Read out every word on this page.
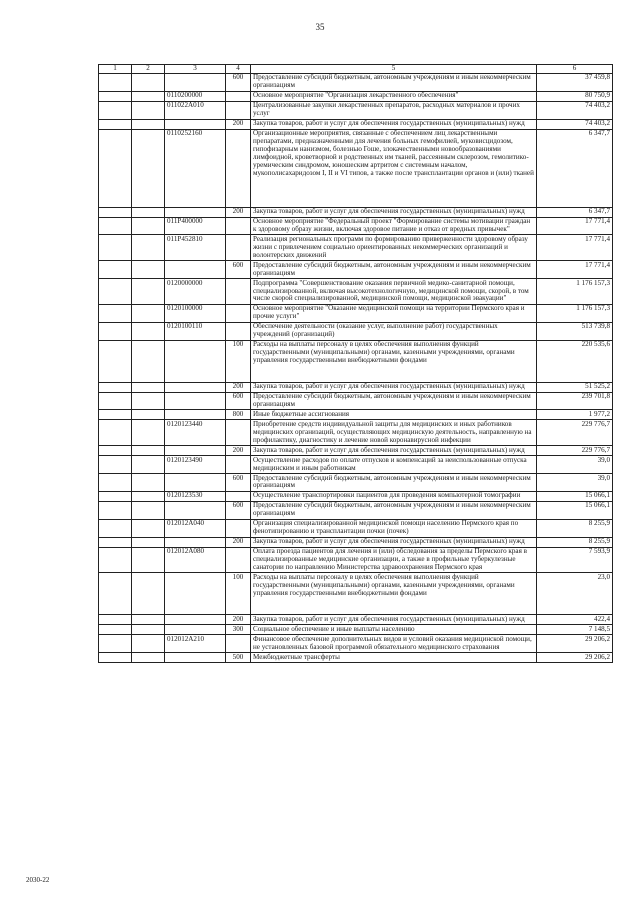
35
1	2	3	4	5	6
			600	Предоставление субсидий бюджетным, автономным учреждениям и иным некоммерческим организациям	37 459,8
		0110200000		Основное мероприятие "Организация лекарственного обеспечения"	80 750,9
		011022А010		Централизованные закупки лекарственных препаратов, расходных материалов и прочих услуг	74 403,2
			200	Закупка товаров, работ и услуг для обеспечения государственных (муниципальных) нужд	74 403,2
		0110252160		Организационные мероприятия, связанные с обеспечением лиц лекарственными препаратами, предназначенными для лечения больных гемофилией, муковисцидозом, гипофизарным нанизмом, болезнью Гоше, злокачественными новообразованиями лимфоидной, кроветворной и родственных им тканей, рассеянным склерозом, гемолитико-уремическим синдромом, юношеским артритом с системным началом, мукополисахаридозом I, II и VI типов, а также после трансплантации органов и (или) тканей	6 347,7
			200	Закупка товаров, работ и услуг для обеспечения государственных (муниципальных) нужд	6 347,7
		011Р400000		Основное мероприятие "Федеральный проект "Формирование системы мотивации граждан к здоровому образу жизни, включая здоровое питание и отказ от вредных привычек"	17 771,4
		011Р452810		Реализация региональных программ по формированию приверженности здоровому образу жизни с привлечением социально ориентированных некоммерческих организаций и волонтерских движений	17 771,4
			600	Предоставление субсидий бюджетным, автономным учреждениям и иным некоммерческим организациям	17 771,4
		0120000000		Подпрограмма "Совершенствование оказания первичной медико-санитарной помощи, специализированной, включая высокотехнологичную, медицинской помощи, скорой, в том числе скорой специализированной, медицинской помощи, медицинской эвакуации"	1 176 157,3
		0120100000		Основное мероприятие "Оказание медицинской помощи на территории Пермского края и прочие услуги"	1 176 157,3
		0120100110		Обеспечение деятельности (оказание услуг, выполнение работ) государственных учреждений (организаций)	513 739,8
			100	Расходы на выплаты персоналу в целях обеспечения выполнения функций государственными (муниципальными) органами, казенными учреждениями, органами управления государственными внебюджетными фондами	220 535,6
			200	Закупка товаров, работ и услуг для обеспечения государственных (муниципальных) нужд	51 525,2
			600	Предоставление субсидий бюджетным, автономным учреждениям и иным некоммерческим организациям	239 701,8
			800	Иные бюджетные ассигнования	1 977,2
		0120123440		Приобретение средств индивидуальной защиты для медицинских и иных работников медицинских организаций, осуществляющих медицинскую деятельность, направленную на профилактику, диагностику и лечение новой коронавирусной инфекции	229 776,7
			200	Закупка товаров, работ и услуг для обеспечения государственных (муниципальных) нужд	229 776,7
		0120123490		Осуществление расходов по оплате отпусков и компенсаций за неиспользованные отпуска медицинским и иным работникам	39,0
			600	Предоставление субсидий бюджетным, автономным учреждениям и иным некоммерческим организациям	39,0
		0120123530		Осуществление транспортировки пациентов для проведения компьютерной томографии	15 066,1
			600	Предоставление субсидий бюджетным, автономным учреждениям и иным некоммерческим организациям	15 066,1
		012012А040		Организация специализированной медицинской помощи населению Пермского края по фенотипированию и трансплантации почки (почек)	8 255,9
			200	Закупка товаров, работ и услуг для обеспечения государственных (муниципальных) нужд	8 255,9
		012012А080		Оплата проезда пациентов для лечения и (или) обследования за пределы Пермского края в специализированные медицинские организации, а также в профильные туберкулезные санатории по направлению Министерства здравоохранения Пермского края	7 593,9
			100	Расходы на выплаты персоналу в целях обеспечения выполнения функций государственными (муниципальными) органами, казенными учреждениями, органами управления государственными внебюджетными фондами	23,0
			200	Закупка товаров, работ и услуг для обеспечения государственных (муниципальных) нужд	422,4
			300	Социальное обеспечение и иные выплаты населению	7 148,5
		012012А210		Финансовое обеспечение дополнительных видов и условий оказания медицинской помощи, не установленных базовой программой обязательного медицинского страхования	29 206,2
			500	Межбюджетные трансферты	29 206,2
2030-22
